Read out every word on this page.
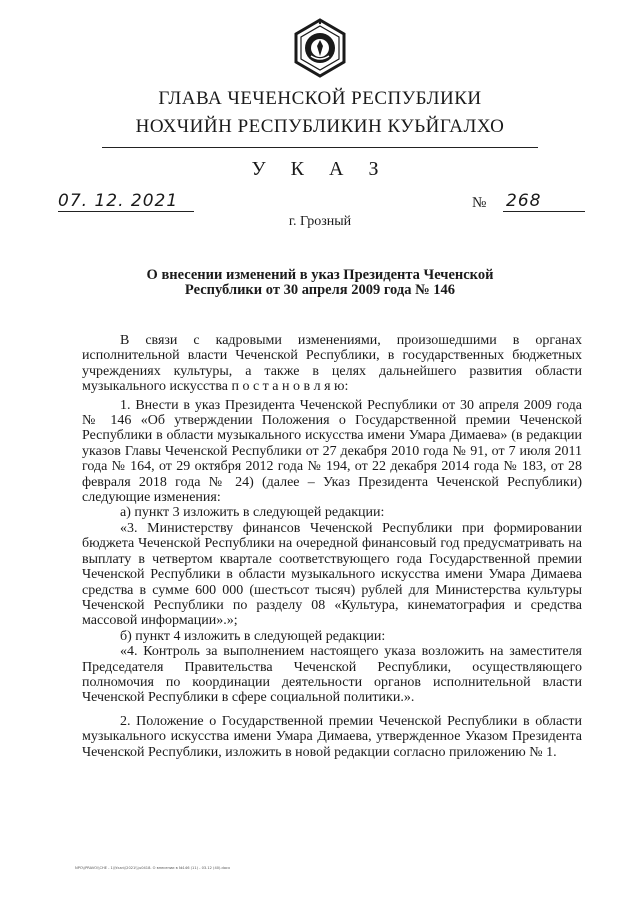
ГЛАВА ЧЕЧЕНСКОЙ РЕСПУБЛИКИ
НОХЧИЙН РЕСПУБЛИКИН КУЬЙГАЛХО
У К А З
07. 12. 2021	№ 268
г. Грозный
О внесении изменений в указ Президента Чеченской
Республики от 30 апреля 2009 года № 146

В связи с кадровыми изменениями, произошедшими в органах исполнительной власти Чеченской Республики, в государственных бюджетных учреждениях культуры, а также в целях дальнейшего развития области музыкального искусства п о с т а н о в л я ю:

1. Внести в указ Президента Чеченской Республики от 30 апреля 2009 года № 146 «Об утверждении Положения о Государственной премии Чеченской Республики в области музыкального искусства имени Умара Димаева» (в редакции указов Главы Чеченской Республики от 27 декабря 2010 года № 91, от 7 июля 2011 года № 164, от 29 октября 2012 года № 194, от 22 декабря 2014 года № 183, от 28 февраля 2018 года № 24) (далее – Указ Президента Чеченской Республики) следующие изменения:

а) пункт 3 изложить в следующей редакции:

«3. Министерству финансов Чеченской Республики при формировании бюджета Чеченской Республики на очередной финансовый год предусматривать на выплату в четвертом квартале соответствующего года Государственной премии Чеченской Республики в области музыкального искусства имени Умара Димаева средства в сумме 600 000 (шестьсот тысяч) рублей для Министерства культуры Чеченской Республики по разделу 08 «Культура, кинематография и средства массовой информации».»;

б) пункт 4 изложить в следующей редакции:

«4. Контроль за выполнением настоящего указа возложить на заместителя Председателя Правительства Чеченской Республики, осуществляющего полномочия по координации деятельности органов исполнительной власти Чеченской Республики в сфере социальной политики.».

2. Положение о Государственной премии Чеченской Республики в области музыкального искусства имени Умара Димаева, утвержденное Указом Президента Чеченской Республики, изложить в новой редакции согласно приложению № 1.

NPO\\PRAVO\\CHE - 1\\Указ\\2021\\\u0418. О внесении в №146 (11) - 03.12 (40).docx
